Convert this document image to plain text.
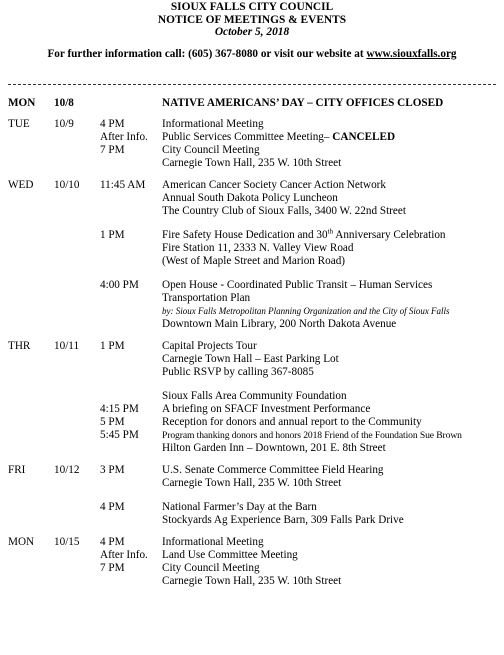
SIOUX FALLS CITY COUNCIL
NOTICE OF MEETINGS & EVENTS
October 5, 2018
For further information call: (605) 367-8080 or visit our website at www.siouxfalls.org
MON	10/8	NATIVE AMERICANS’ DAY – CITY OFFICES CLOSED
TUE	10/9	4 PM	Informational Meeting
After Info.	Public Services Committee Meeting– CANCELED
7 PM	City Council Meeting
Carnegie Town Hall, 235 W. 10th Street
WED	10/10	11:45 AM	American Cancer Society Cancer Action Network
Annual South Dakota Policy Luncheon
The Country Club of Sioux Falls, 3400 W. 22nd Street
1 PM	Fire Safety House Dedication and 30th Anniversary Celebration
Fire Station 11, 2333 N. Valley View Road
(West of Maple Street and Marion Road)
4:00 PM	Open House - Coordinated Public Transit – Human Services
Transportation Plan
by: Sioux Falls Metropolitan Planning Organization and the City of Sioux Falls
Downtown Main Library, 200 North Dakota Avenue
THR	10/11	1 PM	Capital Projects Tour
Carnegie Town Hall – East Parking Lot
Public RSVP by calling 367-8085
Sioux Falls Area Community Foundation
4:15 PM	A briefing on SFACF Investment Performance
5 PM	Reception for donors and annual report to the Community
5:45 PM	Program thanking donors and honors 2018 Friend of the Foundation Sue Brown
Hilton Garden Inn – Downtown, 201 E. 8th Street
FRI	10/12	3 PM	U.S. Senate Commerce Committee Field Hearing
Carnegie Town Hall, 235 W. 10th Street
4 PM	National Farmer’s Day at the Barn
Stockyards Ag Experience Barn, 309 Falls Park Drive
MON	10/15	4 PM	Informational Meeting
After Info.	Land Use Committee Meeting
7 PM	City Council Meeting
Carnegie Town Hall, 235 W. 10th Street
